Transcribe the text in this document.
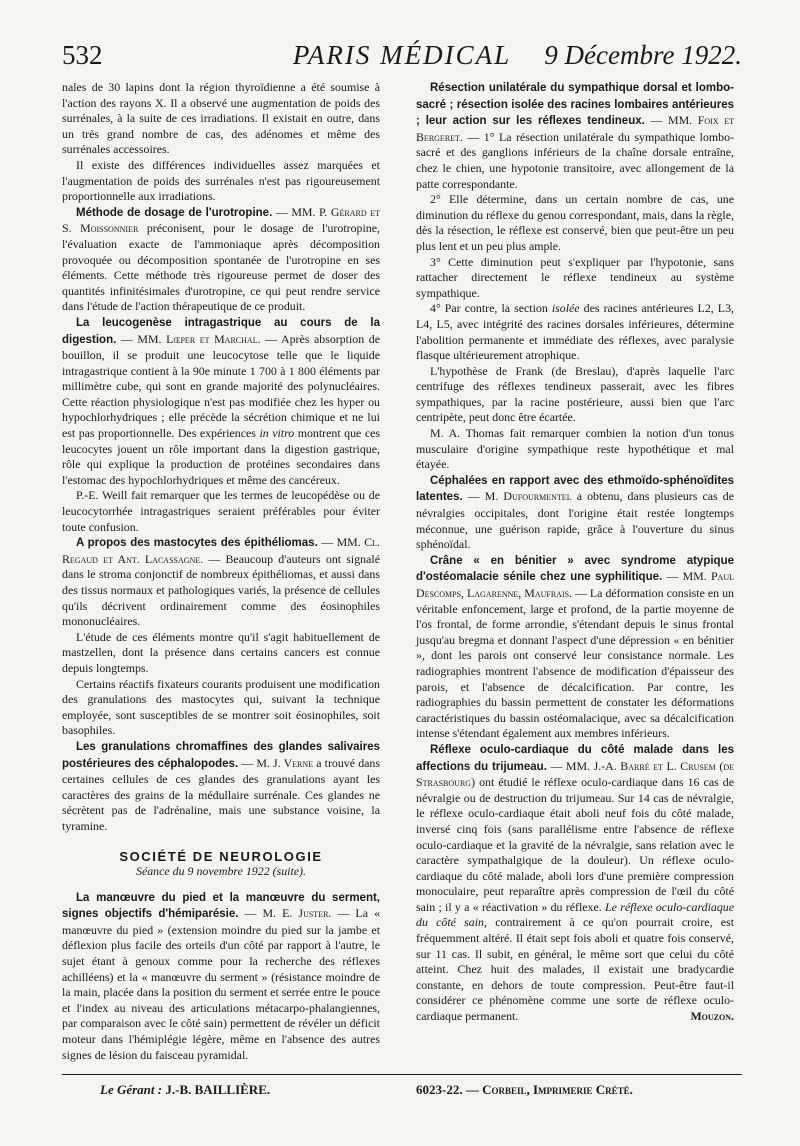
532	PARIS MÉDICAL	9 Décembre 1922.

nales de 30 lapins dont la région thyroïdienne a été soumise à l'action des rayons X. Il a observé une augmentation de poids des surrénales, à la suite de ces irradiations. Il existait en outre, dans un très grand nombre de cas, des adénomes et même des surrénales accessoires.

Il existe des différences individuelles assez marquées et l'augmentation de poids des surrénales n'est pas rigoureusement proportionnelle aux irradiations.

Méthode de dosage de l'urotropine. — MM. P. Gérard et S. Moissonnier préconisent, pour le dosage de l'urotropine, l'évaluation exacte de l'ammoniaque après décomposition provoquée ou décomposition spontanée de l'urotropine en ses éléments. Cette méthode très rigoureuse permet de doser des quantités infinitésimales d'urotropine, ce qui peut rendre service dans l'étude de l'action thérapeutique de ce produit.

La leucogenèse intragastrique au cours de la digestion. — MM. Lœper et Marchal. — Après absorption de bouillon, il se produit une leucocytose telle que le liquide intragastrique contient à la 90e minute 1 700 à 1 800 éléments par millimètre cube, qui sont en grande majorité des polynucléaires. Cette réaction physiologique n'est pas modifiée chez les hyper ou hypochlorhydriques ; elle précède la sécrétion chimique et ne lui est pas proportionnelle. Des expériences in vitro montrent que ces leucocytes jouent un rôle important dans la digestion gastrique, rôle qui explique la production de protéines secondaires dans l'estomac des hypochlorhydriques et même des cancéreux.

P.-E. Weill fait remarquer que les termes de leucopédèse ou de leucocytorrhée intragastriques seraient préférables pour éviter toute confusion.

A propos des mastocytes des épithéliomas. — MM. Cl. Regaud et Ant. Lacassagne. — Beaucoup d'auteurs ont signalé dans le stroma conjonctif de nombreux épithéliomas, et aussi dans des tissus normaux et pathologiques variés, la présence de cellules qu'ils décrivent ordinairement comme des éosinophiles mononucléaires.

L'étude de ces éléments montre qu'il s'agit habituellement de mastzellen, dont la présence dans certains cancers est connue depuis longtemps.

Certains réactifs fixateurs courants produisent une modification des granulations des mastocytes qui, suivant la technique employée, sont susceptibles de se montrer soit éosinophiles, soit basophiles.

Les granulations chromaffines des glandes salivaires postérieures des céphalopodes. — M. J. Verne a trouvé dans certaines cellules de ces glandes des granulations ayant les caractères des grains de la médullaire surrénale. Ces glandes ne sécrètent pas de l'adrénaline, mais une substance voisine, la tyramine.

SOCIÉTÉ DE NEUROLOGIE
Séance du 9 novembre 1922 (suite).

La manœuvre du pied et la manœuvre du serment, signes objectifs d'hémiparésie. — M. E. Juster. — La « manœuvre du pied » (extension moindre du pied sur la jambe et déflexion plus facile des orteils d'un côté par rapport à l'autre, le sujet étant à genoux comme pour la recherche des réflexes achilléens) et la « manœuvre du serment » (résistance moindre de la main, placée dans la position du serment et serrée entre le pouce et l'index au niveau des articulations métacarpo-phalangiennes, par comparaison avec le côté sain) permettent de révéler un déficit moteur dans l'hémiplégie légère, même en l'absence des autres signes de lésion du faisceau pyramidal.

Résection unilatérale du sympathique dorsal et lombo-sacré ; résection isolée des racines lombaires antérieures ; leur action sur les réflexes tendineux. — MM. Foix et Bergeret. — 1° La résection unilatérale du sympathique lombo-sacré et des ganglions inférieurs de la chaîne dorsale entraîne, chez le chien, une hypotonie transitoire, avec allongement de la patte correspondante.

2° Elle détermine, dans un certain nombre de cas, une diminution du réflexe du genou correspondant, mais, dans la règle, dès la résection, le réflexe est conservé, bien que peut-être un peu plus lent et un peu plus ample.

3° Cette diminution peut s'expliquer par l'hypotonie, sans rattacher directement le réflexe tendineux au système sympathique.

4° Par contre, la section isolée des racines antérieures L2, L3, L4, L5, avec intégrité des racines dorsales inférieures, détermine l'abolition permanente et immédiate des réflexes, avec paralysie flasque ultérieurement atrophique.

L'hypothèse de Frank (de Breslau), d'après laquelle l'arc centrifuge des réflexes tendineux passerait, avec les fibres sympathiques, par la racine postérieure, aussi bien que l'arc centripète, peut donc être écartée.

M. A. Thomas fait remarquer combien la notion d'un tonus musculaire d'origine sympathique reste hypothétique et mal étayée.

Céphalées en rapport avec des ethmoïdo-sphénoïdites latentes. — M. Dufourmentel a obtenu, dans plusieurs cas de névralgies occipitales, dont l'origine était restée longtemps méconnue, une guérison rapide, grâce à l'ouverture du sinus sphénoïdal.

Crâne « en bénitier » avec syndrome atypique d'ostéomalacie sénile chez une syphilitique. — MM. Paul Descomps, Lagarenne, Maufrais. — La déformation consiste en un véritable enfoncement, large et profond, de la partie moyenne de l'os frontal, de forme arrondie, s'étendant depuis le sinus frontal jusqu'au bregma et donnant l'aspect d'une dépression « en bénitier », dont les parois ont conservé leur consistance normale. Les radiographies montrent l'absence de modification d'épaisseur des parois, et l'absence de décalcification. Par contre, les radiographies du bassin permettent de constater les déformations caractéristiques du bassin ostéomalacique, avec sa décalcification intense s'étendant également aux membres inférieurs.

Réflexe oculo-cardiaque du côté malade dans les affections du trijumeau. — MM. J.-A. Barré et L. Crusem (de Strasbourg) ont étudié le réflexe oculo-cardiaque dans 16 cas de névralgie ou de destruction du trijumeau. Sur 14 cas de névralgie, le réflexe oculo-cardiaque était aboli neuf fois du côté malade, inversé cinq fois (sans parallélisme entre l'absence de réflexe oculo-cardiaque et la gravité de la névralgie, sans relation avec le caractère sympathalgique de la douleur). Un réflexe oculo-cardiaque du côté malade, aboli lors d'une première compression monoculaire, peut reparaître après compression de l'œil du côté sain ; il y a « réactivation » du réflexe. Le réflexe oculo-cardiaque du côté sain, contrairement à ce qu'on pourrait croire, est fréquemment altéré. Il était sept fois aboli et quatre fois conservé, sur 11 cas. Il subit, en général, le même sort que celui du côté atteint. Chez huit des malades, il existait une bradycardie constante, en dehors de toute compression. Peut-être faut-il considérer ce phénomène comme une sorte de réflexe oculo-cardiaque permanent.	Mouzon.

Le Gérant : J.-B. BAILLIÈRE.	6023-22. — Corbeil, Imprimerie Crété.
